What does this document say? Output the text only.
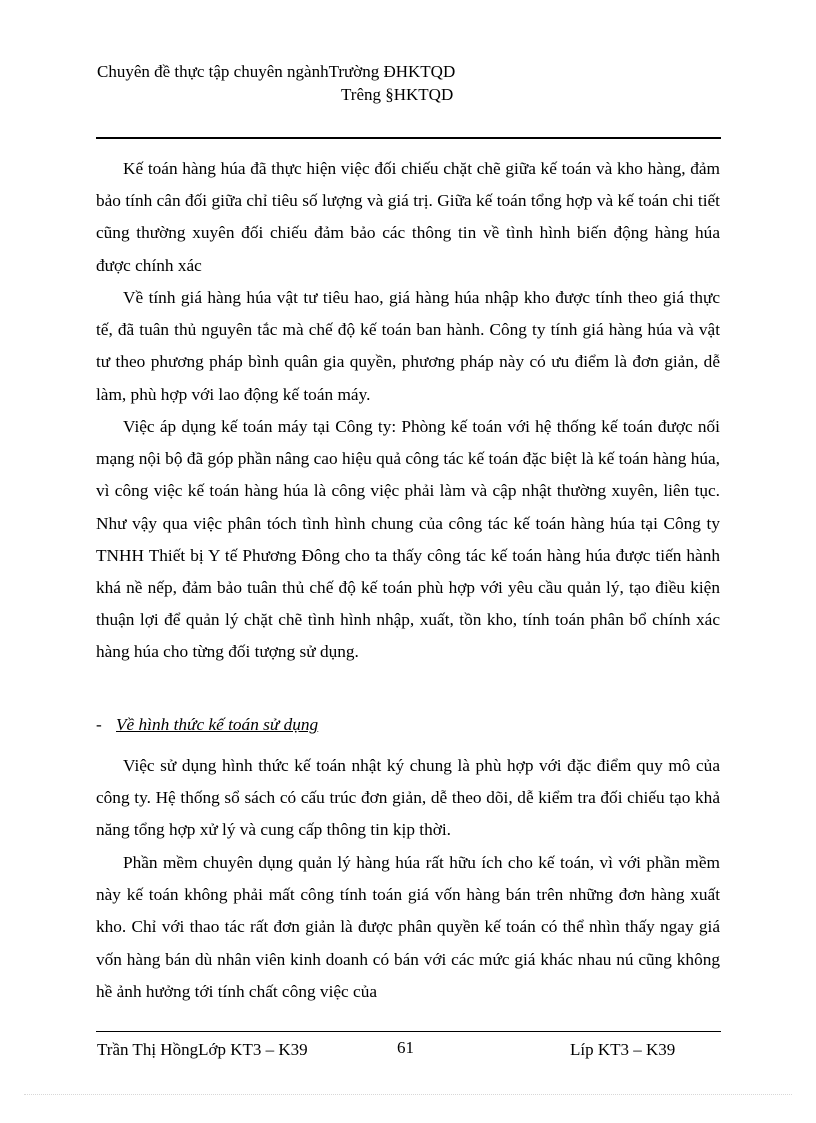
Chuyên đề thực tập chuyên ngànhTrường ĐHKTQD
Trêng §HKTQD

Kế toán hàng húa đã thực hiện việc đối chiếu chặt chẽ giữa kế toán và kho hàng, đảm bảo tính cân đối giữa chỉ tiêu số lượng và giá trị. Giữa kế toán tổng hợp và kế toán chi tiết cũng thường xuyên đối chiếu đảm bảo các thông tin về tình hình biến động hàng húa được chính xác

Về tính giá hàng húa vật tư tiêu hao, giá hàng húa nhập kho được tính theo giá thực tế, đã tuân thủ nguyên tắc mà chế độ kế toán ban hành. Công ty tính giá hàng húa và vật tư theo phương pháp bình quân gia quyền, phương pháp này có ưu điểm là đơn giản, dễ làm, phù hợp với lao động kế toán máy.

Việc áp dụng kế toán máy tại Công ty: Phòng kế toán với hệ thống kế toán được nối mạng nội bộ đã góp phần nâng cao hiệu quả công tác kế toán đặc biệt là kế toán hàng húa, vì công việc kế toán hàng húa là công việc phải làm và cập nhật thường xuyên, liên tục. Như vậy qua việc phân tóch tình hình chung của công tác kế toán hàng húa tại Công ty TNHH Thiết bị Y tế Phương Đông cho ta thấy công tác kế toán hàng húa được tiến hành khá nề nếp, đảm bảo tuân thủ chế độ kế toán phù hợp với yêu cầu quản lý, tạo điều kiện thuận lợi để quản lý chặt chẽ tình hình nhập, xuất, tồn kho, tính toán phân bổ chính xác hàng húa cho từng đối tượng sử dụng.

- Về hình thức kế toán sử dụng

Việc sử dụng hình thức kế toán nhật ký chung là phù hợp với đặc điểm quy mô của công ty. Hệ thống sổ sách có cấu trúc đơn giản, dễ theo dõi, dễ kiểm tra đối chiếu tạo khả năng tổng hợp xử lý và cung cấp thông tin kịp thời.

Phần mềm chuyên dụng quản lý hàng húa rất hữu ích cho kế toán, vì với phần mềm này kế toán không phải mất công tính toán giá vốn hàng bán trên những đơn hàng xuất kho. Chỉ với thao tác rất đơn giản là được phân quyền kế toán có thể nhìn thấy ngay giá vốn hàng bán dù nhân viên kinh doanh có bán với các mức giá khác nhau nú cũng không hề ảnh hưởng tới tính chất công việc của

Trần Thị HồngLớp KT3 – K39	61	Líp KT3 – K39
